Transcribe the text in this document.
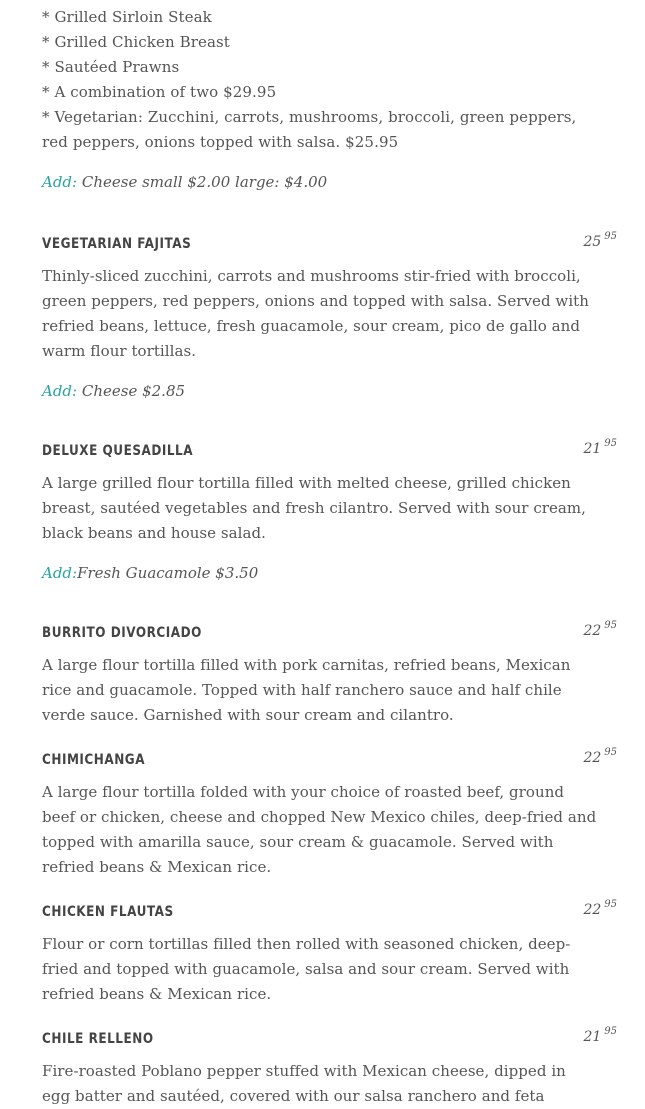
* Grilled Sirloin Steak
* Grilled Chicken Breast
* Sautéed Prawns
* A combination of two $29.95
* Vegetarian: Zucchini, carrots, mushrooms, broccoli, green peppers,
red peppers, onions topped with salsa. $25.95
Add: Cheese small $2.00 large: $4.00
VEGETARIAN FAJITAS	25 $^{95}$
Thinly-sliced zucchini, carrots and mushrooms stir-fried with broccoli,
green peppers, red peppers, onions and topped with salsa. Served with
refried beans, lettuce, fresh guacamole, sour cream, pico de gallo and
warm flour tortillas.
Add: Cheese $2.85
DELUXE QUESADILLA	21 $^{95}$
A large grilled flour tortilla filled with melted cheese, grilled chicken
breast, sautéed vegetables and fresh cilantro. Served with sour cream,
black beans and house salad.
Add:Fresh Guacamole $3.50
BURRITO DIVORCIADO	22 $^{95}$
A large flour tortilla filled with pork carnitas, refried beans, Mexican
rice and guacamole. Topped with half ranchero sauce and half chile
verde sauce. Garnished with sour cream and cilantro.
CHIMICHANGA	22 $^{95}$
A large flour tortilla folded with your choice of roasted beef, ground
beef or chicken, cheese and chopped New Mexico chiles, deep-fried and
topped with amarilla sauce, sour cream & guacamole. Served with
refried beans & Mexican rice.
CHICKEN FLAUTAS	22 $^{95}$
Flour or corn tortillas filled then rolled with seasoned chicken, deep-
fried and topped with guacamole, salsa and sour cream. Served with
refried beans & Mexican rice.
CHILE RELLENO	21 $^{95}$
Fire-roasted Poblano pepper stuffed with Mexican cheese, dipped in
egg batter and sautéed, covered with our salsa ranchero and feta
